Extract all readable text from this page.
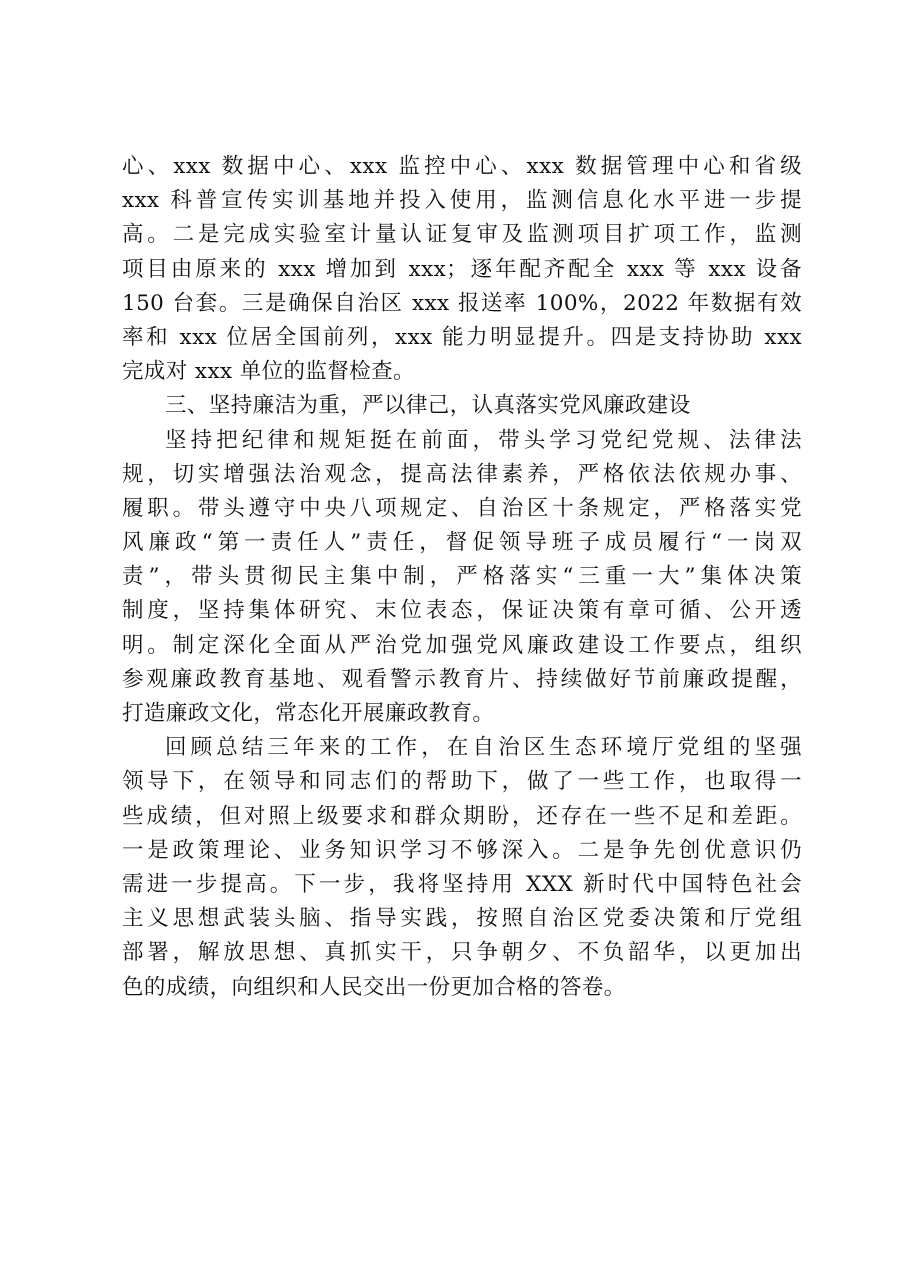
心、xxx 数据中心、xxx 监控中心、xxx 数据管理中心和省级
xxx 科普宣传实训基地并投入使用，监测信息化水平进一步提
高。二是完成实验室计量认证复审及监测项目扩项工作，监测
项目由原来的 xxx 增加到 xxx；逐年配齐配全 xxx 等 xxx 设备
150 台套。三是确保自治区 xxx 报送率 100%，2022 年数据有效
率和 xxx 位居全国前列，xxx 能力明显提升。四是支持协助 xxx
完成对 xxx 单位的监督检查。
三、坚持廉洁为重，严以律己，认真落实党风廉政建设
坚持把纪律和规矩挺在前面，带头学习党纪党规、法律法
规，切实增强法治观念，提高法律素养，严格依法依规办事、
履职。带头遵守中央八项规定、自治区十条规定，严格落实党
风廉政“第一责任人”责任，督促领导班子成员履行“一岗双
责”，带头贯彻民主集中制，严格落实“三重一大”集体决策
制度，坚持集体研究、末位表态，保证决策有章可循、公开透
明。制定深化全面从严治党加强党风廉政建设工作要点，组织
参观廉政教育基地、观看警示教育片、持续做好节前廉政提醒，
打造廉政文化，常态化开展廉政教育。
回顾总结三年来的工作，在自治区生态环境厅党组的坚强
领导下，在领导和同志们的帮助下，做了一些工作，也取得一
些成绩，但对照上级要求和群众期盼，还存在一些不足和差距。
一是政策理论、业务知识学习不够深入。二是争先创优意识仍
需进一步提高。下一步，我将坚持用 XXX 新时代中国特色社会
主义思想武装头脑、指导实践，按照自治区党委决策和厅党组
部署，解放思想、真抓实干，只争朝夕、不负韶华，以更加出
色的成绩，向组织和人民交出一份更加合格的答卷。
